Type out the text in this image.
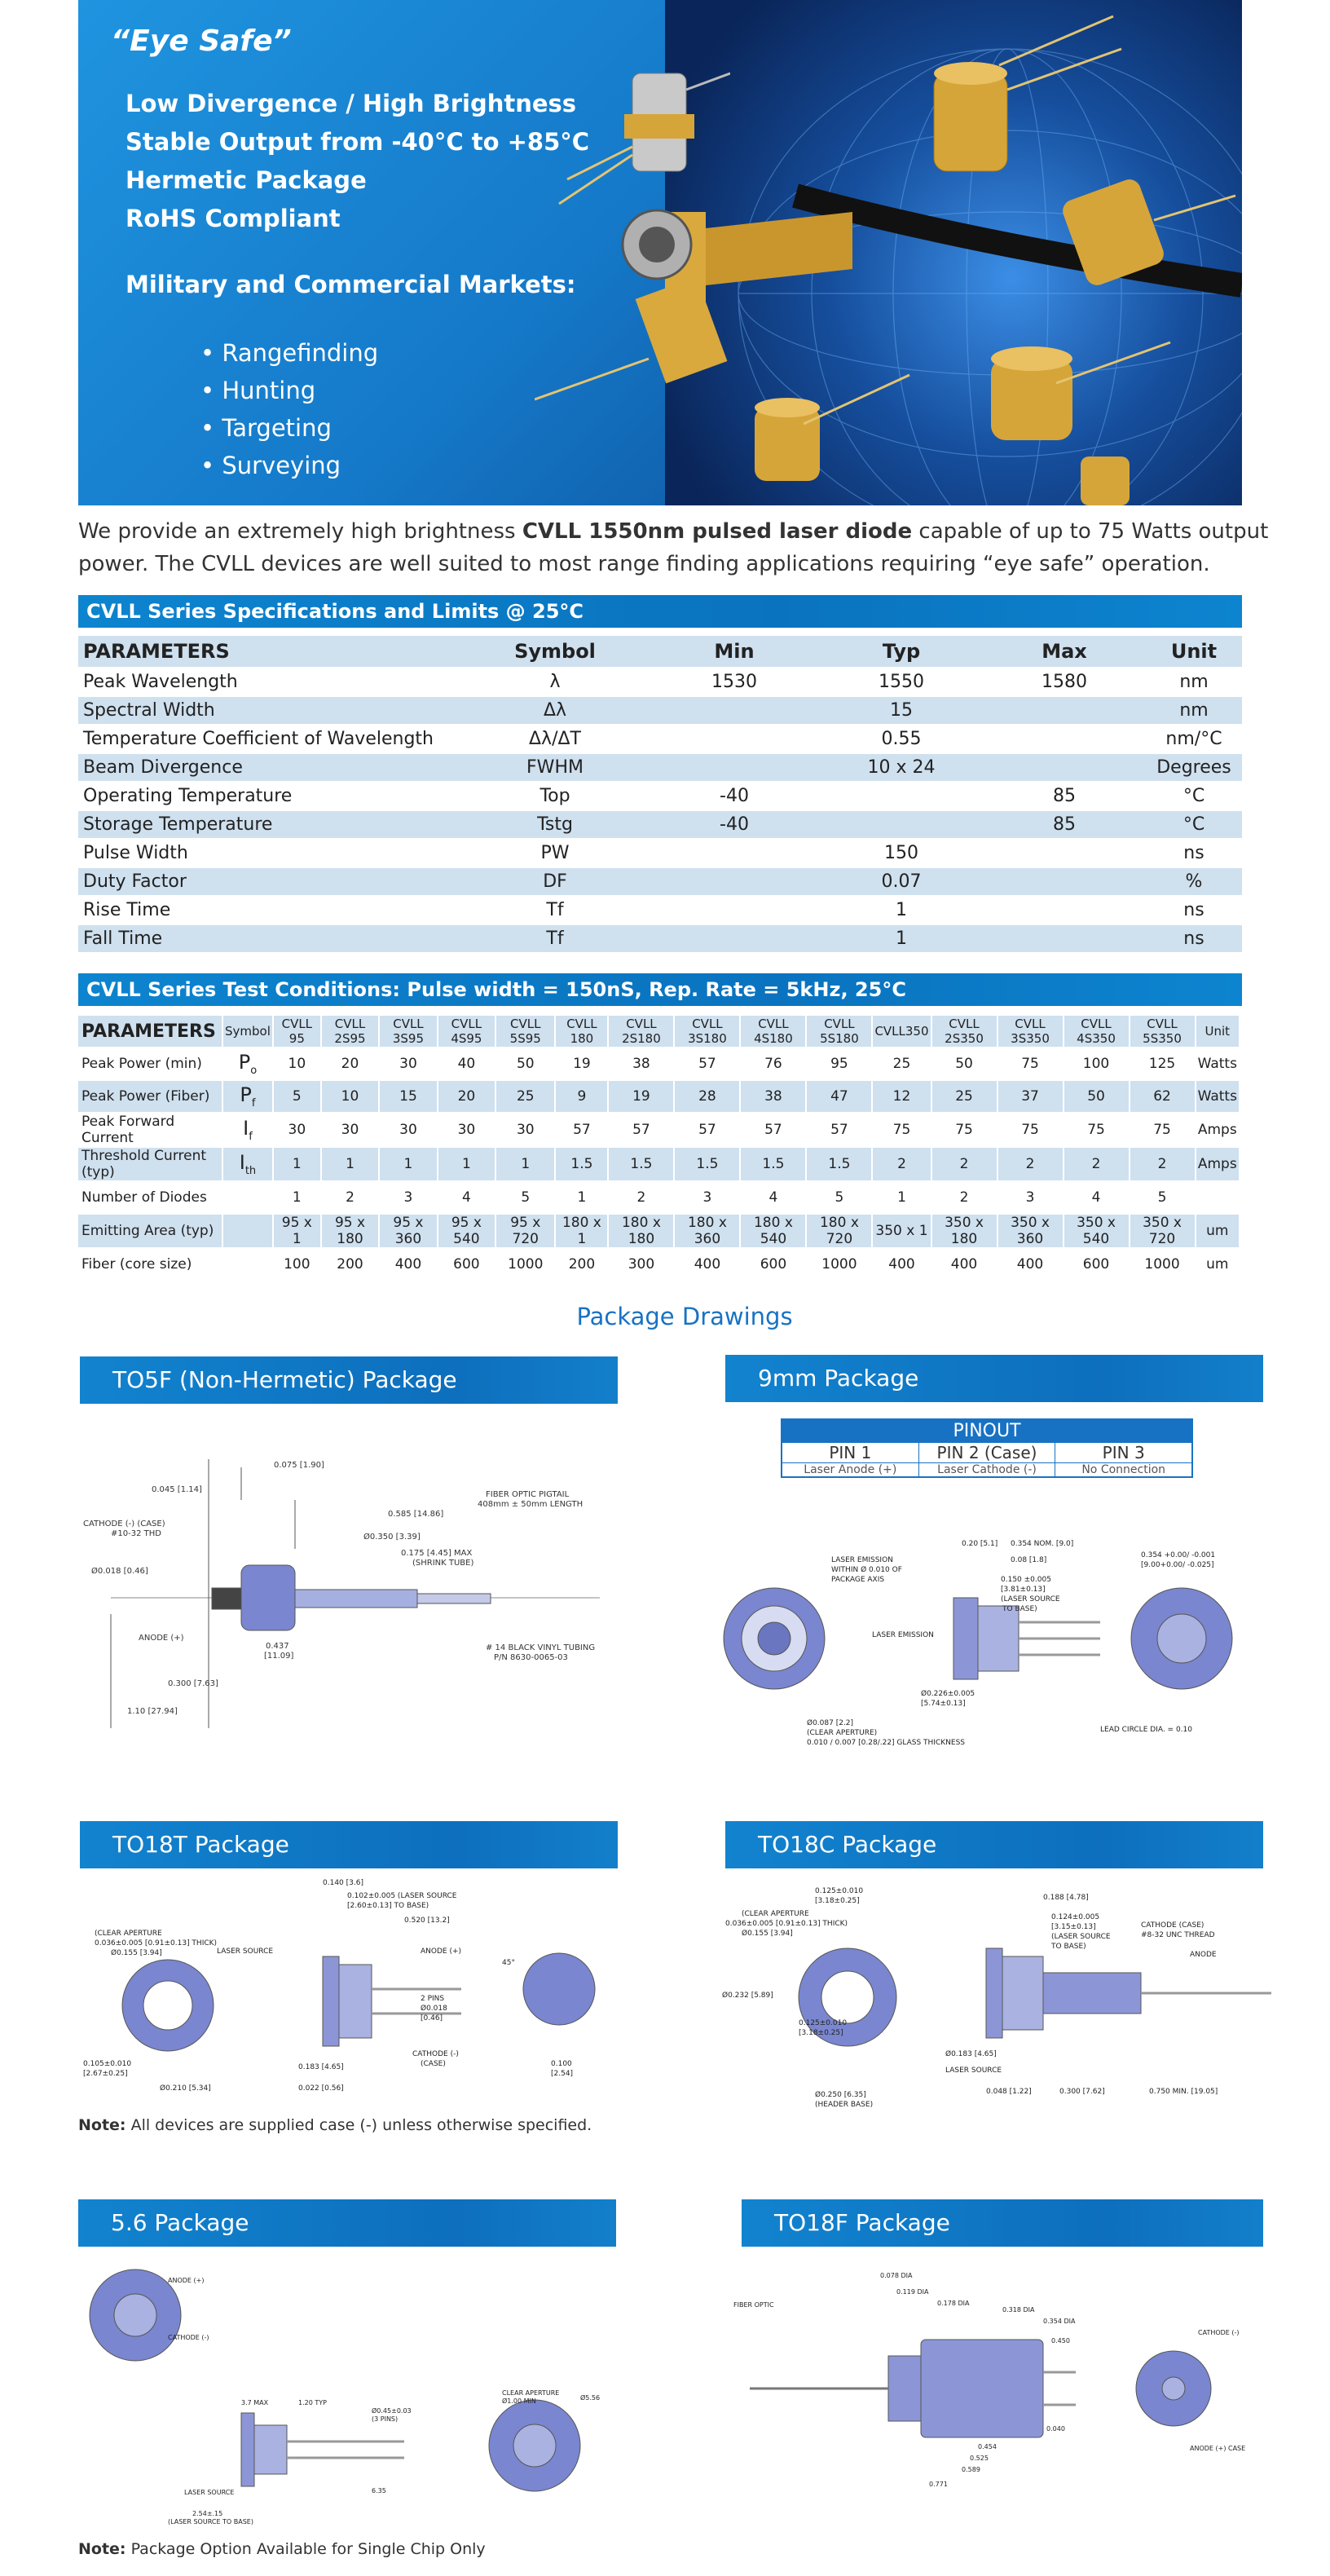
“Eye Safe”
Low Divergence / High Brightness
Stable Output from -40°C to +85°C
Hermetic Package
RoHS Compliant
Military and Commercial Markets:
• Rangefinding
• Hunting
• Targeting
• Surveying
We provide an extremely high brightness CVLL 1550nm pulsed laser diode capable of up to 75 Watts output power. The CVLL devices are well suited to most range finding applications requiring “eye safe” operation.
CVLL Series Specifications and Limits @ 25°C
PARAMETERS	Symbol	Min	Typ	Max	Unit
Peak Wavelength	λ	1530	1550	1580	nm
Spectral Width	Δλ		15		nm
Temperature Coefficient of Wavelength	Δλ/ΔT		0.55		nm/°C
Beam Divergence	FWHM		10 x 24		Degrees
Operating Temperature	Top	-40		85	°C
Storage Temperature	Tstg	-40		85	°C
Pulse Width	PW		150		ns
Duty Factor	DF		0.07		%
Rise Time	Tf		1		ns
Fall Time	Tf		1		ns
CVLL Series Test Conditions: Pulse width = 150nS, Rep. Rate = 5kHz, 25°C
PARAMETERS	Symbol	CVLL 95	CVLL 2S95	CVLL 3S95	CVLL 4S95	CVLL 5S95	CVLL 180	CVLL 2S180	CVLL 3S180	CVLL 4S180	CVLL 5S180	CVLL350	CVLL 2S350	CVLL 3S350	CVLL 4S350	CVLL 5S350	Unit
Peak Power (min)	$P_o$	10	20	30	40	50	19	38	57	76	95	25	50	75	100	125	Watts
Peak Power (Fiber)	$P_f$	5	10	15	20	25	9	19	28	38	47	12	25	37	50	62	Watts
Peak Forward Current	$I_f$	30	30	30	30	30	57	57	57	57	57	75	75	75	75	75	Amps
Threshold Current (typ)	$I_{th}$	1	1	1	1	1	1.5	1.5	1.5	1.5	1.5	2	2	2	2	2	Amps
Number of Diodes		1	2	3	4	5	1	2	3	4	5	1	2	3	4	5	
Emitting Area (typ)		95 x 1	95 x 180	95 x 360	95 x 540	95 x 720	180 x 1	180 x 180	180 x 360	180 x 540	180 x 720	350 x 1	350 x 180	350 x 360	350 x 540	350 x 720	um
Fiber (core size)		100	200	400	600	1000	200	300	400	600	1000	400	400	400	600	1000	um
Package Drawings
TO5F (Non-Hermetic) Package	9mm Package
TO18T Package	TO18C Package
5.6 Package	TO18F Package
PINOUT
PIN 1	PIN 2 (Case)	PIN 3
Laser Anode (+)	Laser Cathode (-)	No Connection
0.075 [1.90]
0.045 [1.14]
CATHODE (-) (CASE)
#10-32 THD
0.585 [14.86]
FIBER OPTIC PIGTAIL
408mm ± 50mm LENGTH
Ø0.350 [3.39]
0.175 [4.45] MAX
(SHRINK TUBE)
Ø0.018 [0.46]
ANODE (+)
0.437
[11.09]
# 14 BLACK VINYL TUBING
P/N 8630-0065-03
0.300 [7.63]
1.10 [27.94]
0.20 [5.1] 0.354 NOM. [9.0]
0.08 [1.8]
LASER EMISSION
WITHIN Ø 0.010 OF
PACKAGE AXIS	0.150 ±0.005
[3.81±0.13]
(LASER SOURCE
TO BASE)
LASER EMISSION
Ø0.226±0.005
[5.74±0.13]
Ø0.087 [2.2]
(CLEAR APERTURE)
0.010 / 0.007 [0.28/.22] GLASS THICKNESS
0.354 +0.00/ -0.001
[9.00+0.00/ -0.025]
LEAD CIRCLE DIA. = 0.10
0.140 [3.6]
0.102±0.005 (LASER SOURCE
[2.60±0.13] TO BASE)
0.520 [13.2]
(CLEAR APERTURE
0.036±0.005 [0.91±0.13] THICK)
Ø0.155 [3.94]	LASER SOURCE	ANODE (+)
2 PINS
Ø0.018
[0.46]
45°
CATHODE (-)
(CASE)
0.105±0.010
[2.67±0.25]
0.183 [4.65]	0.100
[2.54]
Ø0.210 [5.34]	0.022 [0.56]
0.125±0.010
[3.18±0.25]	0.188 [4.78]
(CLEAR APERTURE
0.036±0.005 [0.91±0.13] THICK)
Ø0.155 [3.94]
0.124±0.005
[3.15±0.13]
(LASER SOURCE
TO BASE)
CATHODE (CASE)
#8-32 UNC THREAD
ANODE
Ø0.232 [5.89]
0.125±0.010
[3.18±0.25]
Ø0.183 [4.65]
LASER SOURCE
0.048 [1.22]	0.300 [7.62]	0.750 MIN. [19.05]
Ø0.250 [6.35]
(HEADER BASE)
ANODE (+)
CATHODE (-)
3.7 MAX	1.20 TYP
Ø0.45±0.03
(3 PINS)
CLEAR APERTURE
Ø1.00 MIN	Ø5.56
LASER SOURCE	6.35
2.54±.15
(LASER SOURCE TO BASE)
0.078 DIA
0.119 DIA
0.178 DIA
0.318 DIA
0.354 DIA
FIBER OPTIC
0.450
0.040
0.454
0.525
0.589
0.771
CATHODE (-)
ANODE (+) CASE
Note: All devices are supplied case (-) unless otherwise specified.
Note: Package Option Available for Single Chip Only
